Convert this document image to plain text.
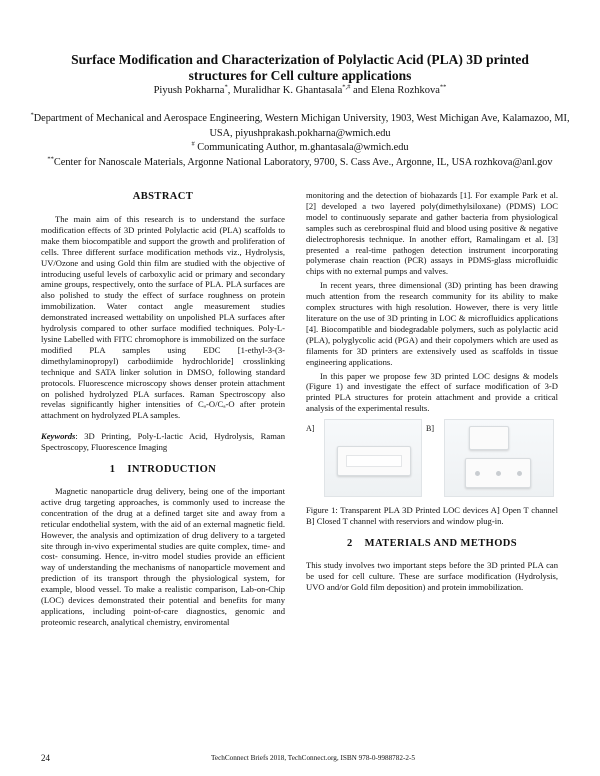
Surface Modification and Characterization of Polylactic Acid (PLA) 3D printed
structures for Cell culture applications
Piyush Pokharna*, Muralidhar K. Ghantasala*,# and Elena Rozhkova**
*Department of Mechanical and Aerospace Engineering, Western Michigan University, 1903, West Michigan Ave, Kalamazoo, MI, USA, piyushprakash.pokharna@wmich.edu
# Communicating Author, m.ghantasala@wmich.edu
**Center for Nanoscale Materials, Argonne National Laboratory, 9700, S. Cass Ave., Argonne, IL, USA rozhkova@anl.gov
ABSTRACT

The main aim of this research is to understand the surface modification effects of 3D printed Polylactic acid (PLA) scaffolds to make them biocompatible and support the growth and proliferation of cells. Three different surface modification methods viz., Hydrolysis, UV/Ozone and using Gold thin film are studied with the objective of introducing useful levels of carboxylic acid or primary and secondary amine groups, respectively, onto the surface of PLA. PLA surfaces are also polished to study the effect of surface roughness on protein immobilization. Water contact angle measurement studies demonstrated increased wettability on unpolished PLA surfaces after hydrolysis compared to other surface modified techniques. Poly-L-lysine Labelled with FITC chromophore is immobilized on the surface modified PLA samples using EDC [1-ethyl-3-(3-dimethylaminopropyl) carbodiimide hydrochloride] crosslinking technique and SATA linker solution in DMSO, following standard protocols. Fluorescence microscopy shows denser protein attachment on polished hydrolyzed PLA surfaces. Raman Spectroscopy also revelas significantly higher intensities of Cₐ-O/Cₐ-O after protein attachment on hydrolyzed PLA samples.

Keywords: 3D Printing, Poly-L-lactic Acid, Hydrolysis, Raman Spectroscopy, Fluorescence Imaging

1 INTRODUCTION

Magnetic nanoparticle drug delivery, being one of the important active drug targeting approaches, is commonly used to increase the concentration of the drug at a defined target site and away from a reticular endothelial system, with the aid of an external magnetic field. However, the analysis and optimization of drug delivery to a targeted site through in-vivo experimental studies are quite complex, time- and cost- consuming. Hence, in-vitro model studies provide an efficient way of understanding the mechanisms of nanoparticle movement and prediction of its transport through the physiological system, for example, blood vessel. To make a realistic comparison, Lab-on-Chip (LOC) devices demonstrated their potential and benefits for many applications, including point-of-care diagnostics, genomic and proteomic research, analytical chemistry, enviromental

monitoring and the detection of biohazards [1]. For example Park et al. [2] developed a two layered poly(dimethylsiloxane) (PDMS) LOC model to continuously separate and gather bacteria from physiological samples such as cerebrospinal fluid and blood using positive & negative dielectrophoresis technique. In another effort, Ramalingam et al. [3] presented a real-time pathogen detection instrument incorporating polymerase chain reaction (PCR) assays in PDMS-glass microfluidic chips with no external pumps and valves.

In recent years, three dimensional (3D) printing has been drawing much attention from the research community for its ability to make complex structures with high resolution. However, there is very little literature on the use of 3D printing in LOC & microfluidics applications [4]. Biocompatible and biodegradable polymers, such as polylactic acid (PLA), polyglycolic acid (PGA) and their copolymers which are used as filaments for 3D printers are extensively used as scaffolds in tissue engineering applications.

In this paper we propose few 3D printed LOC designs & models (Figure 1) and investigate the effect of surface modification of 3-D printed PLA structures for protein attachment and provide a critical analysis of the experimental results.

A]	B]

Figure 1: Transparent PLA 3D Printed LOC devices A] Open T channel B] Closed T channel with reserviors and window plug-in.

2 MATERIALS AND METHODS

This study involves two important steps before the 3D printed PLA can be used for cell culture. These are surface modification (Hydrolysis, UVO and/or Gold film deposition) and protein immobilization.

24	TechConnect Briefs 2018, TechConnect.org, ISBN 978-0-9988782-2-5
